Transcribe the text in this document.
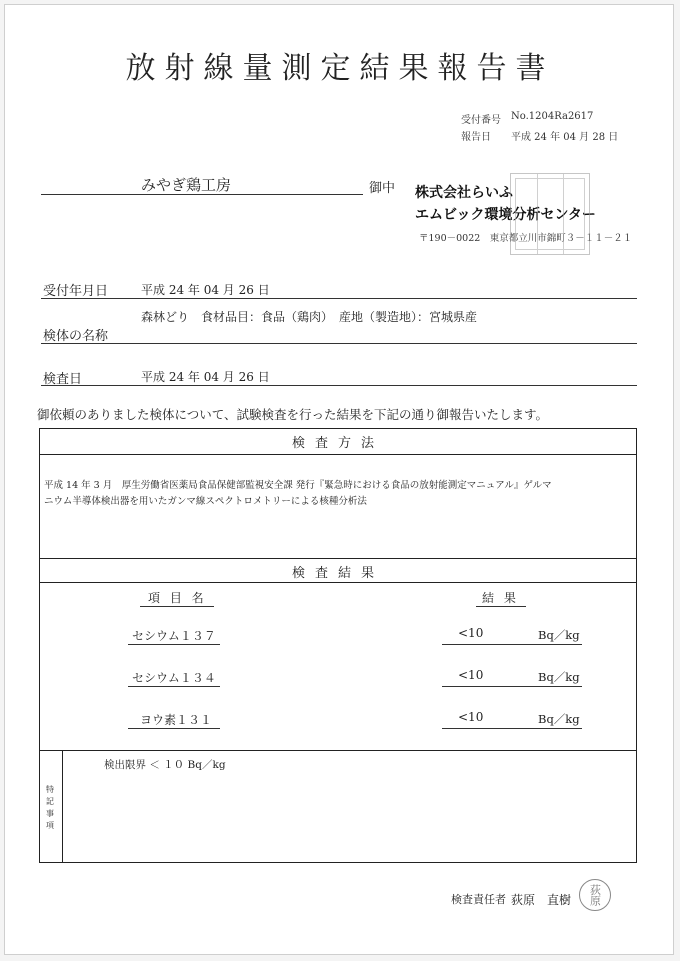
放射線量測定結果報告書
受付番号 No.1204Ra2617
報告日 平成 24 年 04 月 28 日
みやぎ鶏工房	御中 株式会社らいふ
エムビック環境分析センター
〒190－0022　東京都立川市錦町３－１１－２１
受付年月日	平成 24 年 04 月 26 日
森林どり　食材品目：食品（鶏肉）　産地（製造地）：宮城県産
検体の名称
検査日	平成 24 年 04 月 26 日
御依頼のありました検体について、試験検査を行った結果を下記の通り御報告いたします。
検査方法
平成 14 年 3 月　厚生労働省医薬局食品保健部監視安全課 発行『緊急時における食品の放射能測定マニュアル』ゲルマ
ニウム半導体検出器を用いたガンマ線スペクトロメトリーによる核種分析法
検査結果
項 目 名	結 果
セシウム１３７	<10	Bq／kg
セシウム１３４	<10	Bq／kg
ヨウ素１３１	<10	Bq／kg
特記事項
検出限界 ＜ １０ Bq／kg
検査責任者 荻原　直樹	荻原
